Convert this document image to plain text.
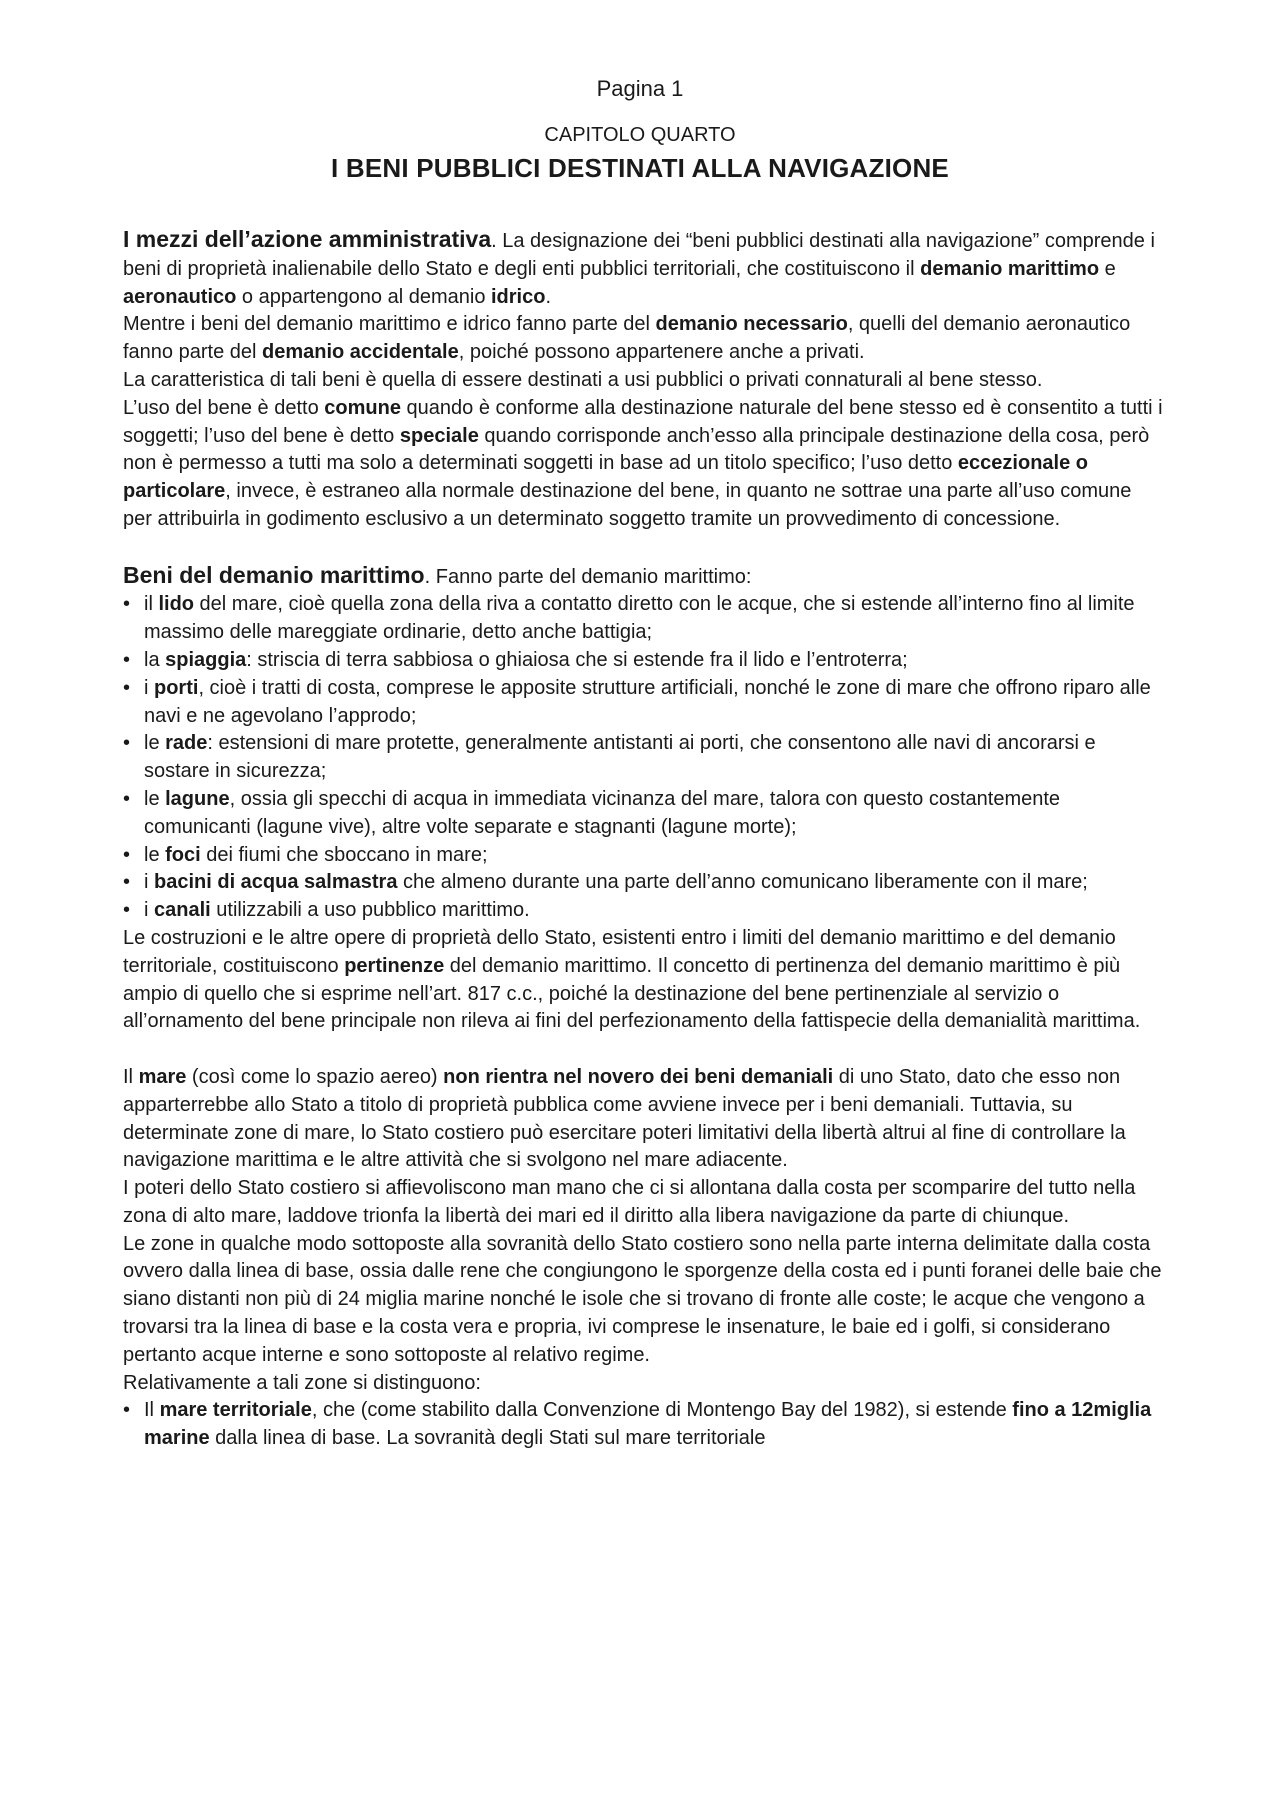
Pagina 1
CAPITOLO QUARTO
I BENI PUBBLICI DESTINATI ALLA NAVIGAZIONE

I mezzi dell’azione amministrativa. La designazione dei “beni pubblici destinati alla navigazione” comprende i beni di proprietà inalienabile dello Stato e degli enti pubblici territoriali, che costituiscono il demanio marittimo e aeronautico o appartengono al demanio idrico.

Mentre i beni del demanio marittimo e idrico fanno parte del demanio necessario, quelli del demanio aeronautico fanno parte del demanio accidentale, poiché possono appartenere anche a privati.

La caratteristica di tali beni è quella di essere destinati a usi pubblici o privati connaturali al bene stesso.

L’uso del bene è detto comune quando è conforme alla destinazione naturale del bene stesso ed è consentito a tutti i soggetti; l’uso del bene è detto speciale quando corrisponde anch’esso alla principale destinazione della cosa, però non è permesso a tutti ma solo a determinati soggetti in base ad un titolo specifico; l’uso detto eccezionale o particolare, invece, è estraneo alla normale destinazione del bene, in quanto ne sottrae una parte all’uso comune per attribuirla in godimento esclusivo a un determinato soggetto tramite un provvedimento di concessione.

Beni del demanio marittimo. Fanno parte del demanio marittimo:

• il lido del mare, cioè quella zona della riva a contatto diretto con le acque, che si estende all’interno fino al limite massimo delle mareggiate ordinarie, detto anche battigia;
• la spiaggia: striscia di terra sabbiosa o ghiaiosa che si estende fra il lido e l’entroterra;
• i porti, cioè i tratti di costa, comprese le apposite strutture artificiali, nonché le zone di mare che offrono riparo alle navi e ne agevolano l’approdo;
• le rade: estensioni di mare protette, generalmente antistanti ai porti, che consentono alle navi di ancorarsi e sostare in sicurezza;
• le lagune, ossia gli specchi di acqua in immediata vicinanza del mare, talora con questo costantemente comunicanti (lagune vive), altre volte separate e stagnanti (lagune morte);
• le foci dei fiumi che sboccano in mare;
• i bacini di acqua salmastra che almeno durante una parte dell’anno comunicano liberamente con il mare;
• i canali utilizzabili a uso pubblico marittimo.

Le costruzioni e le altre opere di proprietà dello Stato, esistenti entro i limiti del demanio marittimo e del demanio territoriale, costituiscono pertinenze del demanio marittimo. Il concetto di pertinenza del demanio marittimo è più ampio di quello che si esprime nell’art. 817 c.c., poiché la destinazione del bene pertinenziale al servizio o all’ornamento del bene principale non rileva ai fini del perfezionamento della fattispecie della demanialità marittima.

Il mare (così come lo spazio aereo) non rientra nel novero dei beni demaniali di uno Stato, dato che esso non apparterrebbe allo Stato a titolo di proprietà pubblica come avviene invece per i beni demaniali. Tuttavia, su determinate zone di mare, lo Stato costiero può esercitare poteri limitativi della libertà altrui al fine di controllare la navigazione marittima e le altre attività che si svolgono nel mare adiacente.

I poteri dello Stato costiero si affievoliscono man mano che ci si allontana dalla costa per scomparire del tutto nella zona di alto mare, laddove trionfa la libertà dei mari ed il diritto alla libera navigazione da parte di chiunque.

Le zone in qualche modo sottoposte alla sovranità dello Stato costiero sono nella parte interna delimitate dalla costa ovvero dalla linea di base, ossia dalle rene che congiungono le sporgenze della costa ed i punti foranei delle baie che siano distanti non più di 24 miglia marine nonché le isole che si trovano di fronte alle coste; le acque che vengono a trovarsi tra la linea di base e la costa vera e propria, ivi comprese le insenature, le baie ed i golfi, si considerano pertanto acque interne e sono sottoposte al relativo regime.

Relativamente a tali zone si distinguono:

• Il mare territoriale, che (come stabilito dalla Convenzione di Montengo Bay del 1982), si estende fino a 12miglia marine dalla linea di base. La sovranità degli Stati sul mare territoriale
